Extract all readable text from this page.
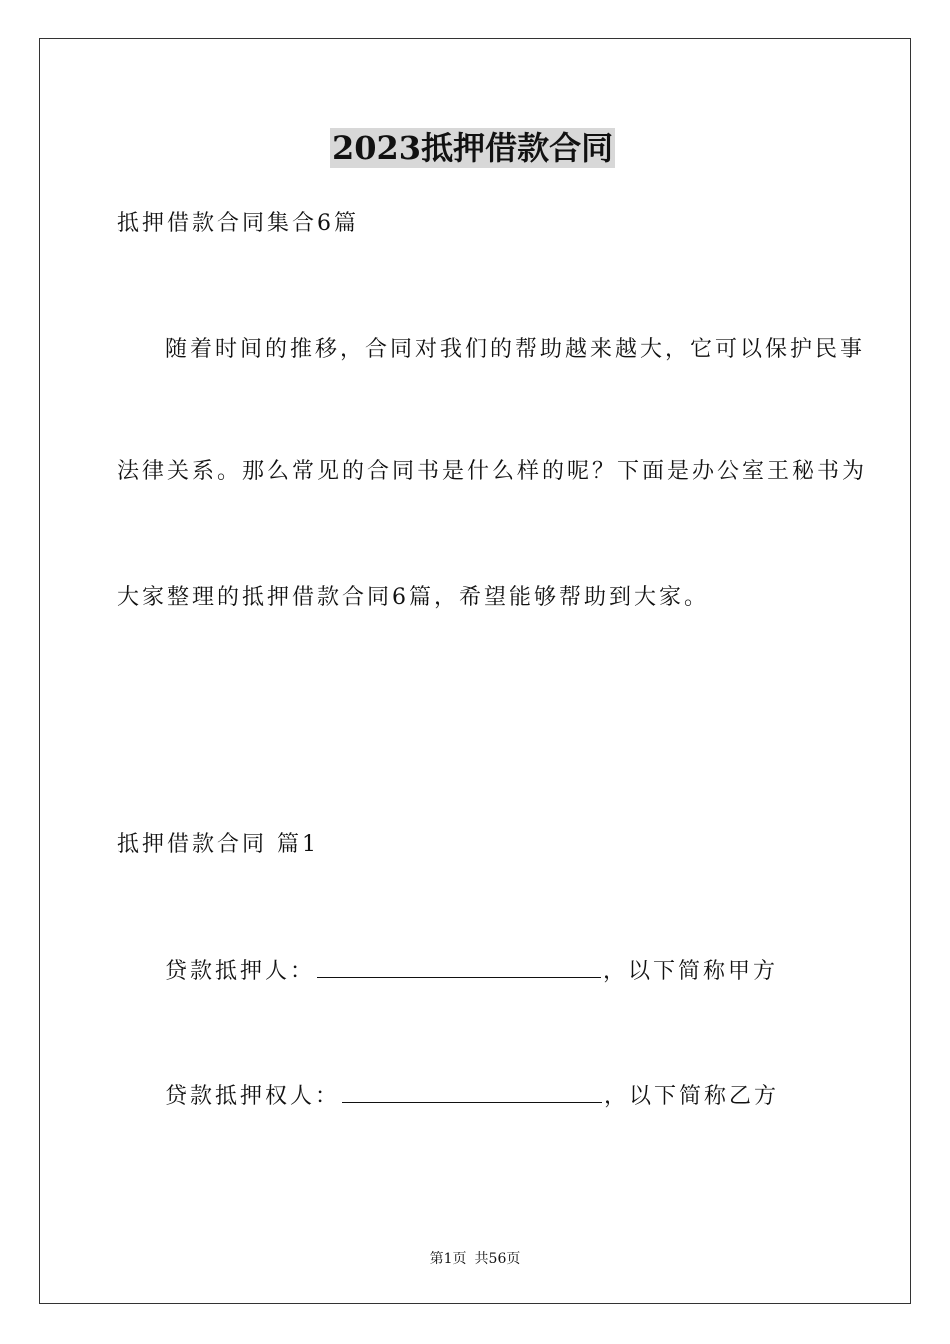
2023抵押借款合同
抵押借款合同集合6篇
随着时间的推移，合同对我们的帮助越来越大，它可以保护民事
法律关系。那么常见的合同书是什么样的呢？下面是办公室王秘书为
大家整理的抵押借款合同6篇，希望能够帮助到大家。
抵押借款合同 篇1
贷款抵押人：	，以下简称甲方
贷款抵押权人：	，以下简称乙方
第1页 共56页
